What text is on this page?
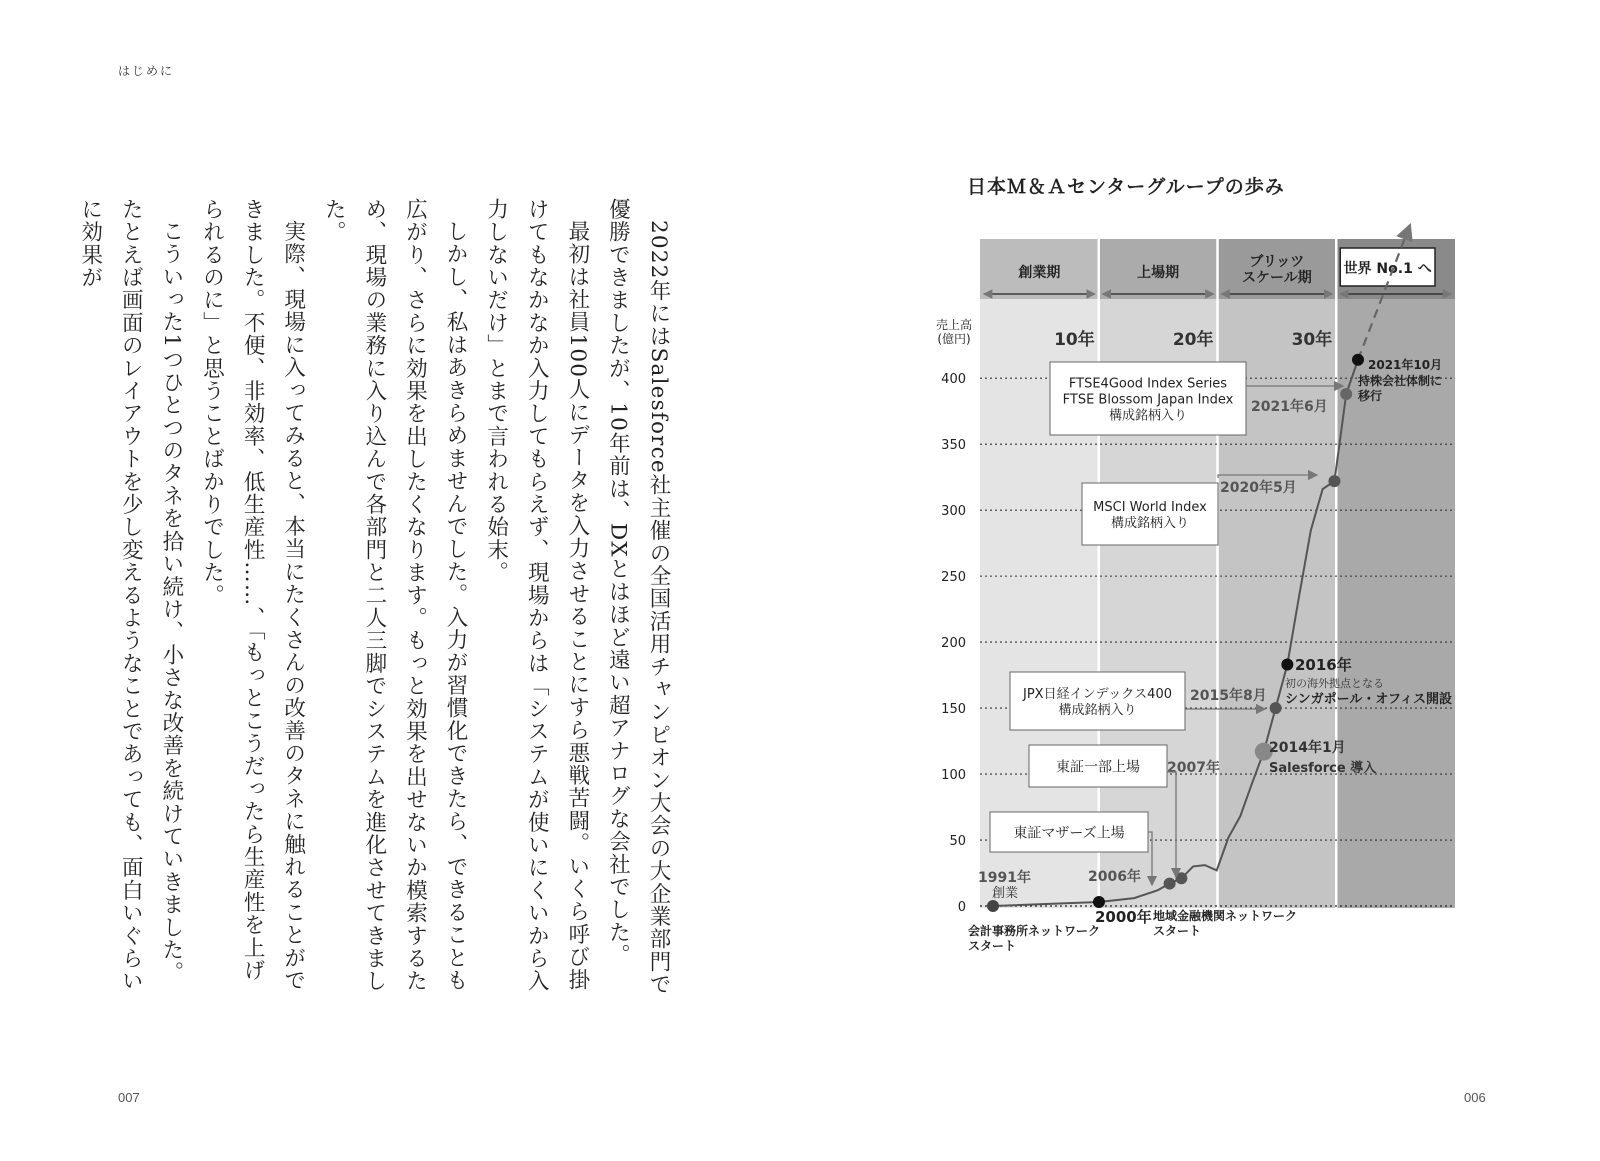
はじめに

2022年にはSalesforce社主催の全国活用チャンピオン大会の大企業部門で優勝できましたが、10年前は、DXとはほど遠い超アナログな会社でした。

最初は社員100人にデータを入力させることにすら悪戦苦闘。いくら呼び掛けてもなかなか入力してもらえず、現場からは「システムが使いにくいから入力しないだけ」とまで言われる始末。

しかし、私はあきらめませんでした。入力が習慣化できたら、できることも広がり、さらに効果を出したくなります。もっと効果を出せないか模索するため、現場の業務に入り込んで各部門と二人三脚でシステムを進化させてきました。

実際、現場に入ってみると、本当にたくさんの改善のタネに触れることができました。不便、非効率、低生産性……、「もっとこうだったら生産性を上げられるのに」と思うことばかりでした。

こういった1つひとつのタネを拾い続け、小さな改善を続けていきました。たとえば画面のレイアウトを少し変えるようなことであっても、面白いぐらいに効果が

日本Ｍ＆Ａセンターグループの歩み
創業期	上場期
ブリッツ
スケール期
世界 No.1 へ
10年	20年	30年
0
50
100
150
200
250
300
350
400
売上高
(億円)
1991年
創業
会計事務所ネットワーク
スタート
2000年 地域金融機関ネットワーク
スタート
2006年
東証マザーズ上場
2007年
東証一部上場
2014年1月
Salesforce 導入
2015年8月
JPX日経インデックス400
構成銘柄入り
2016年
初の海外拠点となる
シンガポール・オフィス開設
2020年5月
MSCI World Index
構成銘柄入り
2021年6月
FTSE4Good Index Series
FTSE Blossom Japan Index
構成銘柄入り
2021年10月
持株会社体制に
移行
007	006
